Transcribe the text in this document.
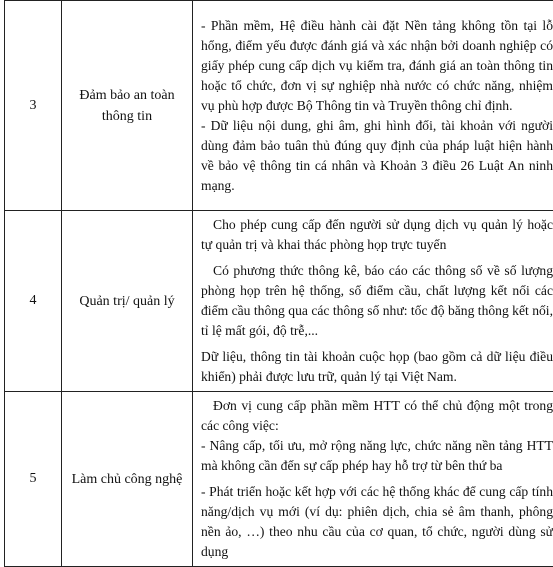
3	Đảm bảo an toàn thông tin	- Phần mềm, Hệ điều hành cài đặt Nền tảng không tồn tại lỗ hổng, điểm yếu được đánh giá và xác nhận bởi doanh nghiệp có giấy phép cung cấp dịch vụ kiểm tra, đánh giá an toàn thông tin hoặc tổ chức, đơn vị sự nghiệp nhà nước có chức năng, nhiệm vụ phù hợp được Bộ Thông tin và Truyền thông chỉ định.

- Dữ liệu nội dung, ghi âm, ghi hình đối, tài khoản với người dùng đảm bảo tuân thủ đúng quy định của pháp luật hiện hành về bảo vệ thông tin cá nhân và Khoản 3 điều 26 Luật An ninh mạng.

4	Quản trị/ quản lý	Cho phép cung cấp đến người sử dụng dịch vụ quản lý hoặc tự quản trị và khai thác phòng họp trực tuyến

Có phương thức thông kê, báo cáo các thông số về số lượng phòng họp trên hệ thống, số điểm cầu, chất lượng kết nối các điểm cầu thông qua các thông số như: tốc độ băng thông kết nối, tỉ lệ mất gói, độ trễ,...

Dữ liệu, thông tin tài khoản cuộc họp (bao gồm cả dữ liệu điều khiển) phải được lưu trữ, quản lý tại Việt Nam.

5	Làm chủ công nghệ	Đơn vị cung cấp phần mềm HTT có thể chủ động một trong các công việc:

- Nâng cấp, tối ưu, mở rộng năng lực, chức năng nền tảng HTT mà không cần đến sự cấp phép hay hỗ trợ từ bên thứ ba

- Phát triển hoặc kết hợp với các hệ thống khác để cung cấp tính năng/dịch vụ mới (ví dụ: phiên dịch, chia sẻ âm thanh, phông nền ảo, …) theo nhu cầu của cơ quan, tổ chức, người dùng sử dụng
